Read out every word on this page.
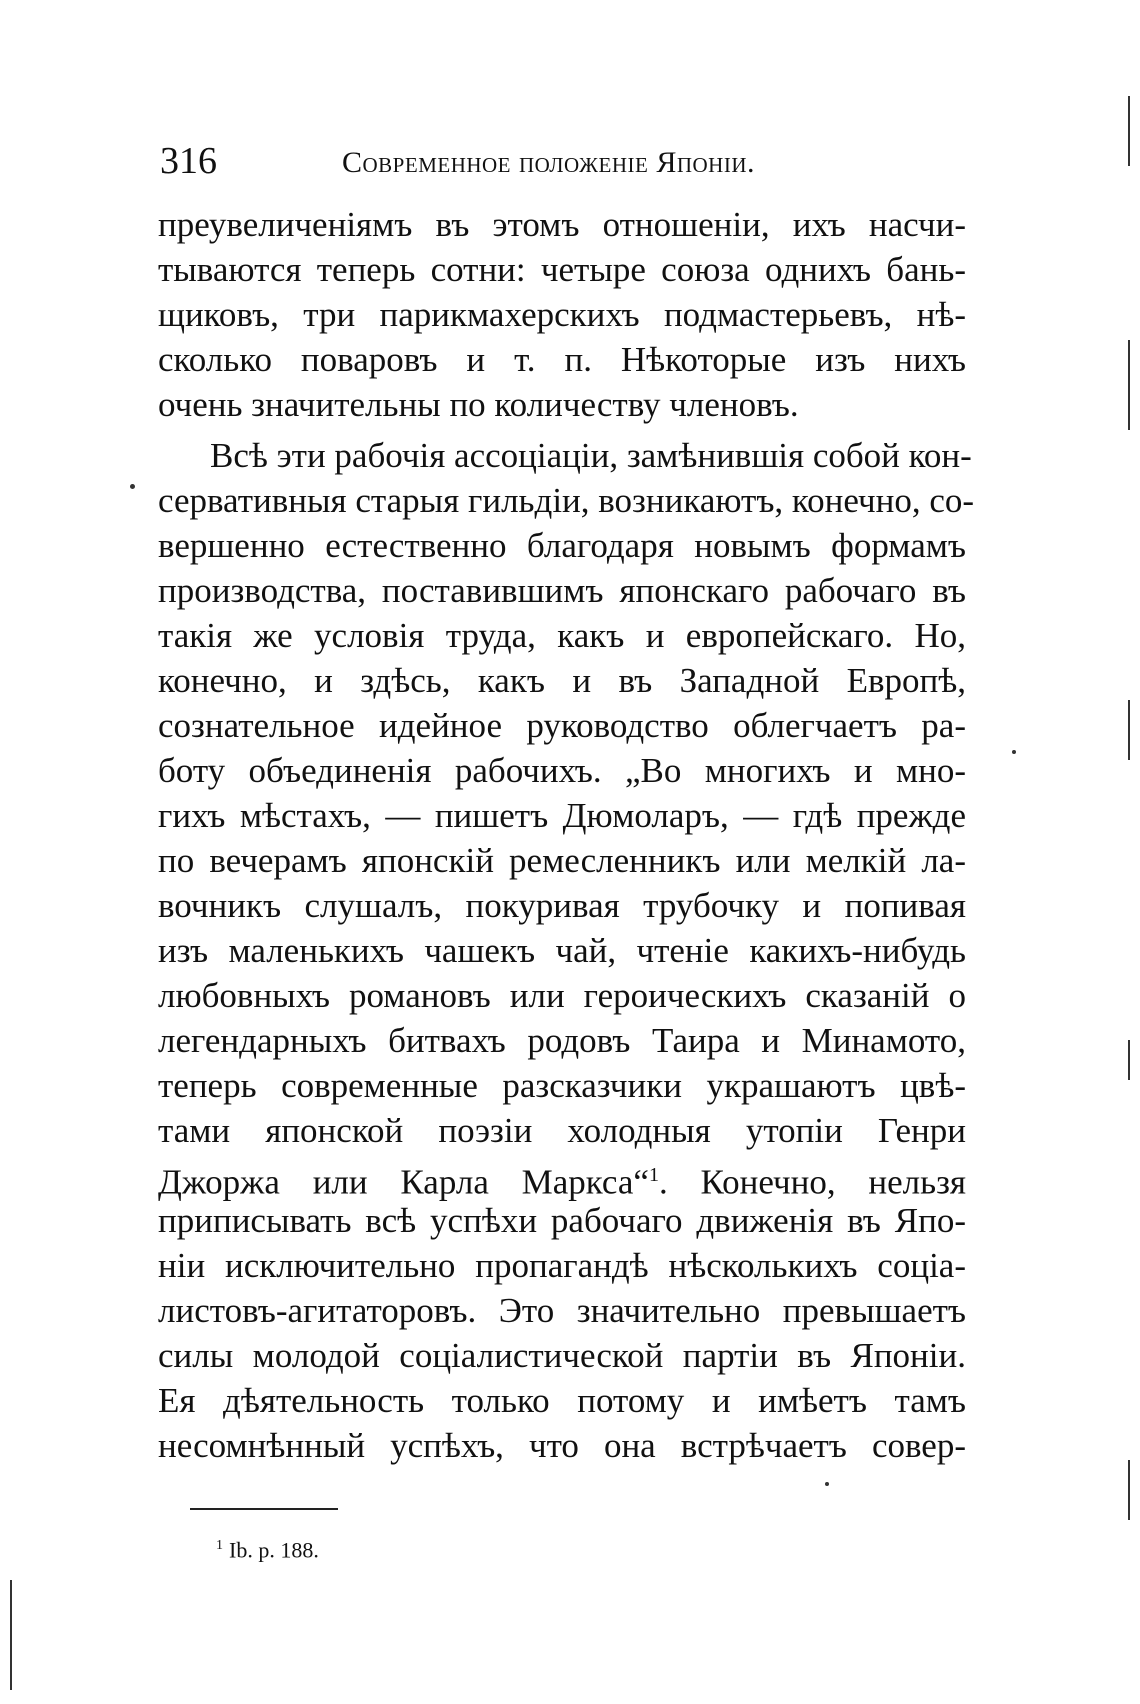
316	Современное положеніе Японіи.
преувеличеніямъ въ этомъ отношеніи, ихъ насчи-
тываются теперь сотни: четыре союза однихъ бань-
щиковъ, три парикмахерскихъ подмастерьевъ, нѣ-
сколько поваровъ и т. п. Нѣкоторые изъ нихъ
очень значительны по количеству членовъ.
Всѣ эти рабочія ассоціаціи, замѣнившія собой кон-
сервативныя старыя гильдіи, возникаютъ, конечно, со-
вершенно естественно благодаря новымъ формамъ
производства, поставившимъ японскаго рабочаго въ
такія же условія труда, какъ и европейскаго. Но,
конечно, и здѣсь, какъ и въ Западной Европѣ,
сознательное идейное руководство облегчаетъ ра-
боту объединенія рабочихъ. „Во многихъ и мно-
гихъ мѣстахъ, — пишетъ Дюмоларъ, — гдѣ прежде
по вечерамъ японскій ремесленникъ или мелкій ла-
вочникъ слушалъ, покуривая трубочку и попивая
изъ маленькихъ чашекъ чай, чтеніе какихъ-нибудь
любовныхъ романовъ или героическихъ сказаній о
легендарныхъ битвахъ родовъ Таира и Минамото,
теперь современные разсказчики украшаютъ цвѣ-
тами японской поэзіи холодныя утопіи Генри
Джоржа или Карла Маркса“$^1$. Конечно, нельзя
приписывать всѣ успѣхи рабочаго движенія въ Япо-
ніи исключительно пропагандѣ нѣсколькихъ соціа-
листовъ-агитаторовъ. Это значительно превышаетъ
силы молодой соціалистической партіи въ Японіи.
Ея дѣятельность только потому и имѣетъ тамъ
несомнѣнный успѣхъ, что она встрѣчаетъ совер-
$^1$ Ib. p. 188.
